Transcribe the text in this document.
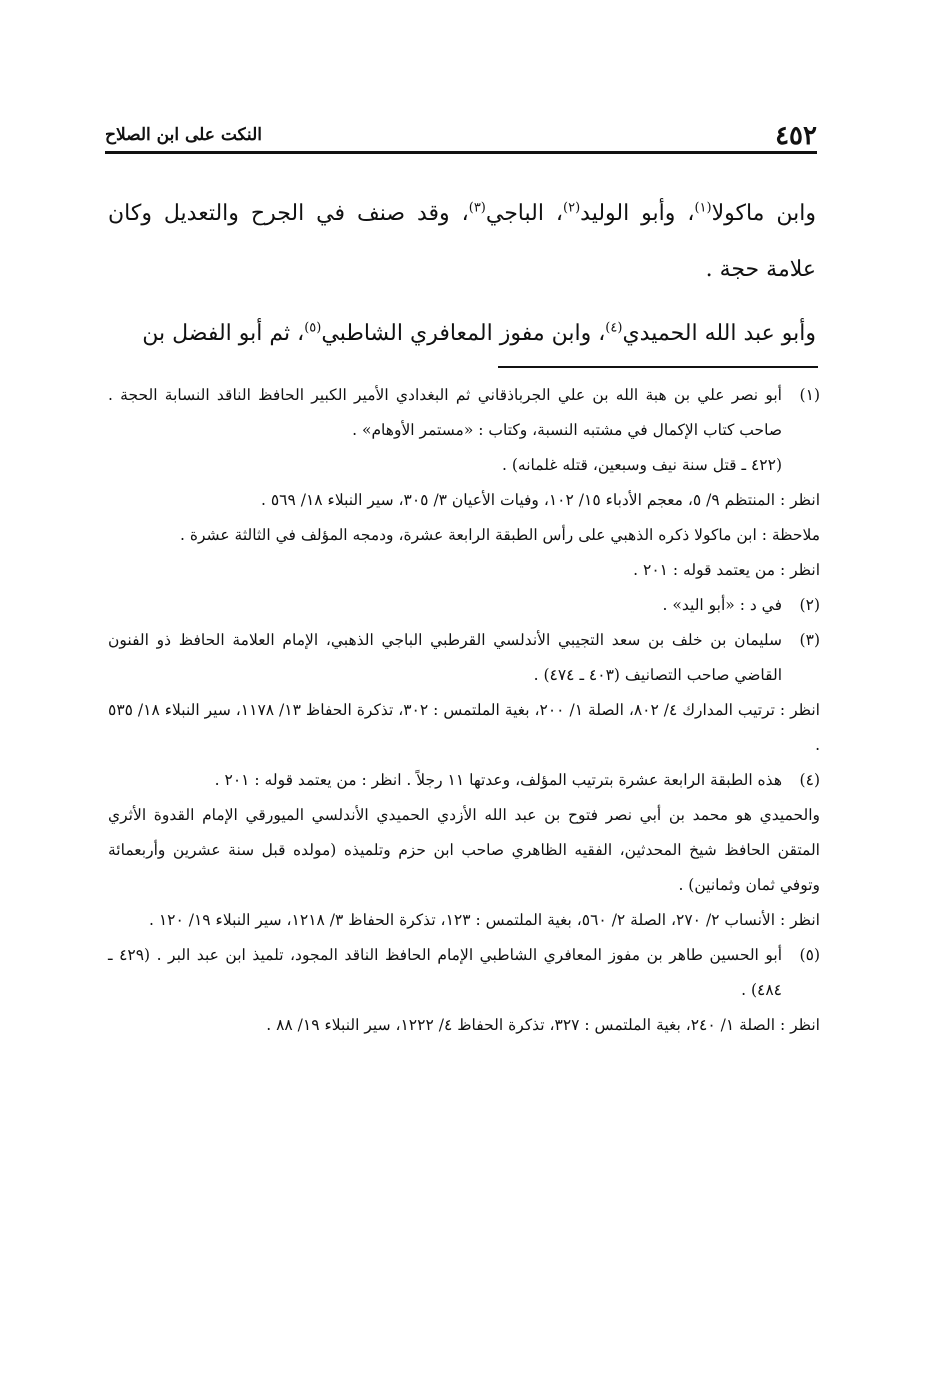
٤٥٢
النكت على ابن الصلاح

وابن ماكولا$^{(١)}$، وأبو الوليد$^{(٢)}$، الباجي$^{(٣)}$، وقد صنف في الجرح والتعديل وكان علامة حجة .

وأبو عبد الله الحميدي$^{(٤)}$، وابن مفوز المعافري الشاطبي$^{(٥)}$، ثم أبو الفضل بن

(١)
أبو نصر علي بن هبة الله بن علي الجرباذقاني ثم البغدادي الأمير الكبير الحافظ الناقد النسابة الحجة . صاحب كتاب الإكمال في مشتبه النسبة، وكتاب : «مستمر الأوهام» .
(٤٢٢ ـ قتل سنة نيف وسبعين، قتله غلمانه) .
انظر : المنتظم ٩/ ٥، معجم الأدباء ١٥/ ١٠٢، وفيات الأعيان ٣/ ٣٠٥، سير النبلاء ١٨/ ٥٦٩ .
ملاحظة : ابن ماكولا ذكره الذهبي على رأس الطبقة الرابعة عشرة، ودمجه المؤلف في الثالثة عشرة .
انظر : من يعتمد قوله : ٢٠١ .
(٢)
في د : «أبو اليد» .
(٣)
سليمان بن خلف بن سعد التجيبي الأندلسي القرطبي الباجي الذهبي، الإمام العلامة الحافظ ذو الفنون القاضي صاحب التصانيف (٤٠٣ ـ ٤٧٤) .
انظر : ترتيب المدارك ٤/ ٨٠٢، الصلة ١/ ٢٠٠، بغية الملتمس : ٣٠٢، تذكرة الحفاظ ١٣/ ١١٧٨، سير النبلاء ١٨/ ٥٣٥ .
(٤)
هذه الطبقة الرابعة عشرة بترتيب المؤلف، وعدتها ١١ رجلاً . انظر : من يعتمد قوله : ٢٠١ .
والحميدي هو محمد بن أبي نصر فتوح بن عبد الله الأزدي الحميدي الأندلسي الميورقي الإمام القدوة الأثري المتقن الحافظ شيخ المحدثين، الفقيه الظاهري صاحب ابن حزم وتلميذه (مولده قبل سنة عشرين وأربعمائة وتوفي ثمان وثمانين) .
انظر : الأنساب ٢/ ٢٧٠، الصلة ٢/ ٥٦٠، بغية الملتمس : ١٢٣، تذكرة الحفاظ ٣/ ١٢١٨، سير النبلاء ١٩/ ١٢٠ .
(٥)
أبو الحسين طاهر بن مفوز المعافري الشاطبي الإمام الحافظ الناقد المجود، تلميذ ابن عبد البر . (٤٢٩ ـ ٤٨٤) .
انظر : الصلة ١/ ٢٤٠، بغية الملتمس : ٣٢٧، تذكرة الحفاظ ٤/ ١٢٢٢، سير النبلاء ١٩/ ٨٨ .
